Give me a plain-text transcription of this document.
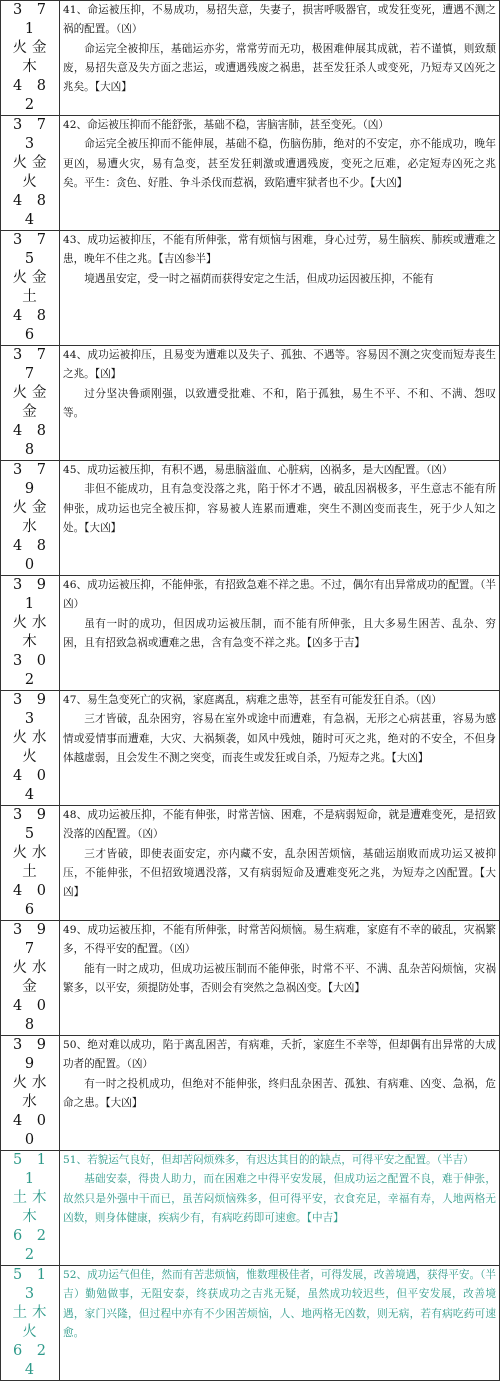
3 7 1
火金木
4 8 2	41、命运被压抑，不易成功，易招失意，失妻子，损害呼吸器官，或发狂变死，遭遇不测之祸的配置。（凶）
命运完全被抑压，基础运亦劣，常常劳而无功，极困难伸展其成就，若不谨慎，则致颓废，易招失意及失方面之悲运，或遭遇残废之祸患，甚至发狂杀人或变死，乃短寿又凶死之兆矣。【大凶】

3 7 3
火金火
4 8 4	42、命运被压抑而不能舒张，基础不稳，害脑害肺，甚至变死。（凶）
命运完全被压抑而不能伸展，基础不稳，伤脑伤肺，绝对的不安定，亦不能成功，晚年更凶，易遭火灾，易有急变，甚至发狂刺激或遭遇残废，变死之厄难，必定短寿凶死之兆矣。平生：贪色、好胜、争斗杀伐而惹祸，致陷遭牢狱者也不少。【大凶】

3 7 5
火金土
4 8 6	43、成功运被抑压，不能有所伸张，常有烦恼与困难，身心过劳，易生脑疾、肺疾或遭难之患，晚年不佳之兆。【吉凶参半】
境遇虽安定，受一时之福荫而获得安定之生活，但成功运因被压抑，不能有

3 7 7
火金金
4 8 8	44、成功运被抑压，且易变为遭难以及失子、孤独、不遇等。容易因不测之灾变而短寿丧生之兆。【凶】
过分坚决鲁顽刚强，以致遭受批难、不和，陷于孤独，易生不平、不和、不满、怨叹等。

3 7 9
火金水
4 8 0	45、成功运被压抑，有积不遇，易患脑溢血、心脏病，凶祸多，是大凶配置。（凶）
非但不能成功，且有急变没落之兆，陷于怀才不遇，破乱因祸极多，平生意志不能有所伸张，成功运也完全被压抑，容易被人连累而遭难，突生不测凶变而丧生，死于少人知之处。【大凶】

3 9 1
火水木
3 0 2	46、成功运被压抑，不能伸张，有招致急难不祥之患。不过，偶尔有出异常成功的配置。（半凶）
虽有一时的成功，但因成功运被压制，而不能有所伸张，且大多易生困苦、乱杂、穷困，且有招致急祸或遭难之患，含有急变不祥之兆。【凶多于吉】

3 9 3
火水火
4 0 4	47、易生急变死亡的灾祸，家庭离乱，病难之患等，甚至有可能发狂自杀。（凶）
三才皆破，乱杂困穷，容易在室外或途中而遭难，有急祸，无形之心病甚重，容易为感情或爱情事而遭难，大灾、大祸频袭，如风中残烛，随时可灭之兆，绝对的不安全，不但身体越虚弱，且会发生不测之突变，而丧生或发狂或自杀，乃短寿之兆。【大凶】

3 9 5
火水土
4 0 6	48、成功运被压抑，不能有伸张，时常苦恼、困难，不是病弱短命，就是遭难变死，是招致没落的凶配置。（凶）
三才皆破，即使表面安定，亦内藏不安，乱杂困苦烦恼，基础运崩败而成功运又被抑压，不能伸张，不但招致境遇没落，又有病弱短命及遭难变死之兆，为短寿之凶配置。【大凶】

3 9 7
火水金
4 0 8	49、成功运被压抑，不能有所伸张，时常苦闷烦恼。易生病难，家庭有不幸的破乱，灾祸繁多，不得平安的配置。（凶）
能有一时之成功，但成功运被压制而不能伸张，时常不平、不满、乱杂苦闷烦恼，灾祸繁多，以平安，须提防处事，否则会有突然之急祸凶变。【大凶】

3 9 9
火水水
4 0 0	50、绝对难以成功，陷于离乱困苦，有病难，夭折，家庭生不幸等，但却偶有出异常的大成功者的配置。（凶）
有一时之投机成功，但绝对不能伸张，终归乱杂困苦、孤独、有病难、凶变、急祸，危命之患。【大凶】

5 1 1
土木木
6 2 2	51、若貌运气良好，但却苦闷烦殊多，有迟达其目的的缺点，可得平安之配置。（半吉）
基础安泰，得贵人助力，而在困难之中得平安发展，但成功运之配置不良，难于伸张，故然只是外强中干而已，虽苦闷烦恼殊多，但可得平安，衣食充足，幸福有寿，人地两格无凶数，则身体健康，疾病少有，有病吃药即可速愈。【中吉】

5 1 3
土木火
6 2 4	52、成功运气但佳，然而有苦悲烦恼，惟数理极佳者，可得发展，改善境遇，获得平安。（半吉）勤勉做事，无阻安泰，终获成功之吉兆无疑，虽然成功较迟些，但平安发展，改善境遇，家门兴隆，但过程中亦有不少困苦烦恼，人、地两格无凶数，则无病，若有病吃药可速愈。
